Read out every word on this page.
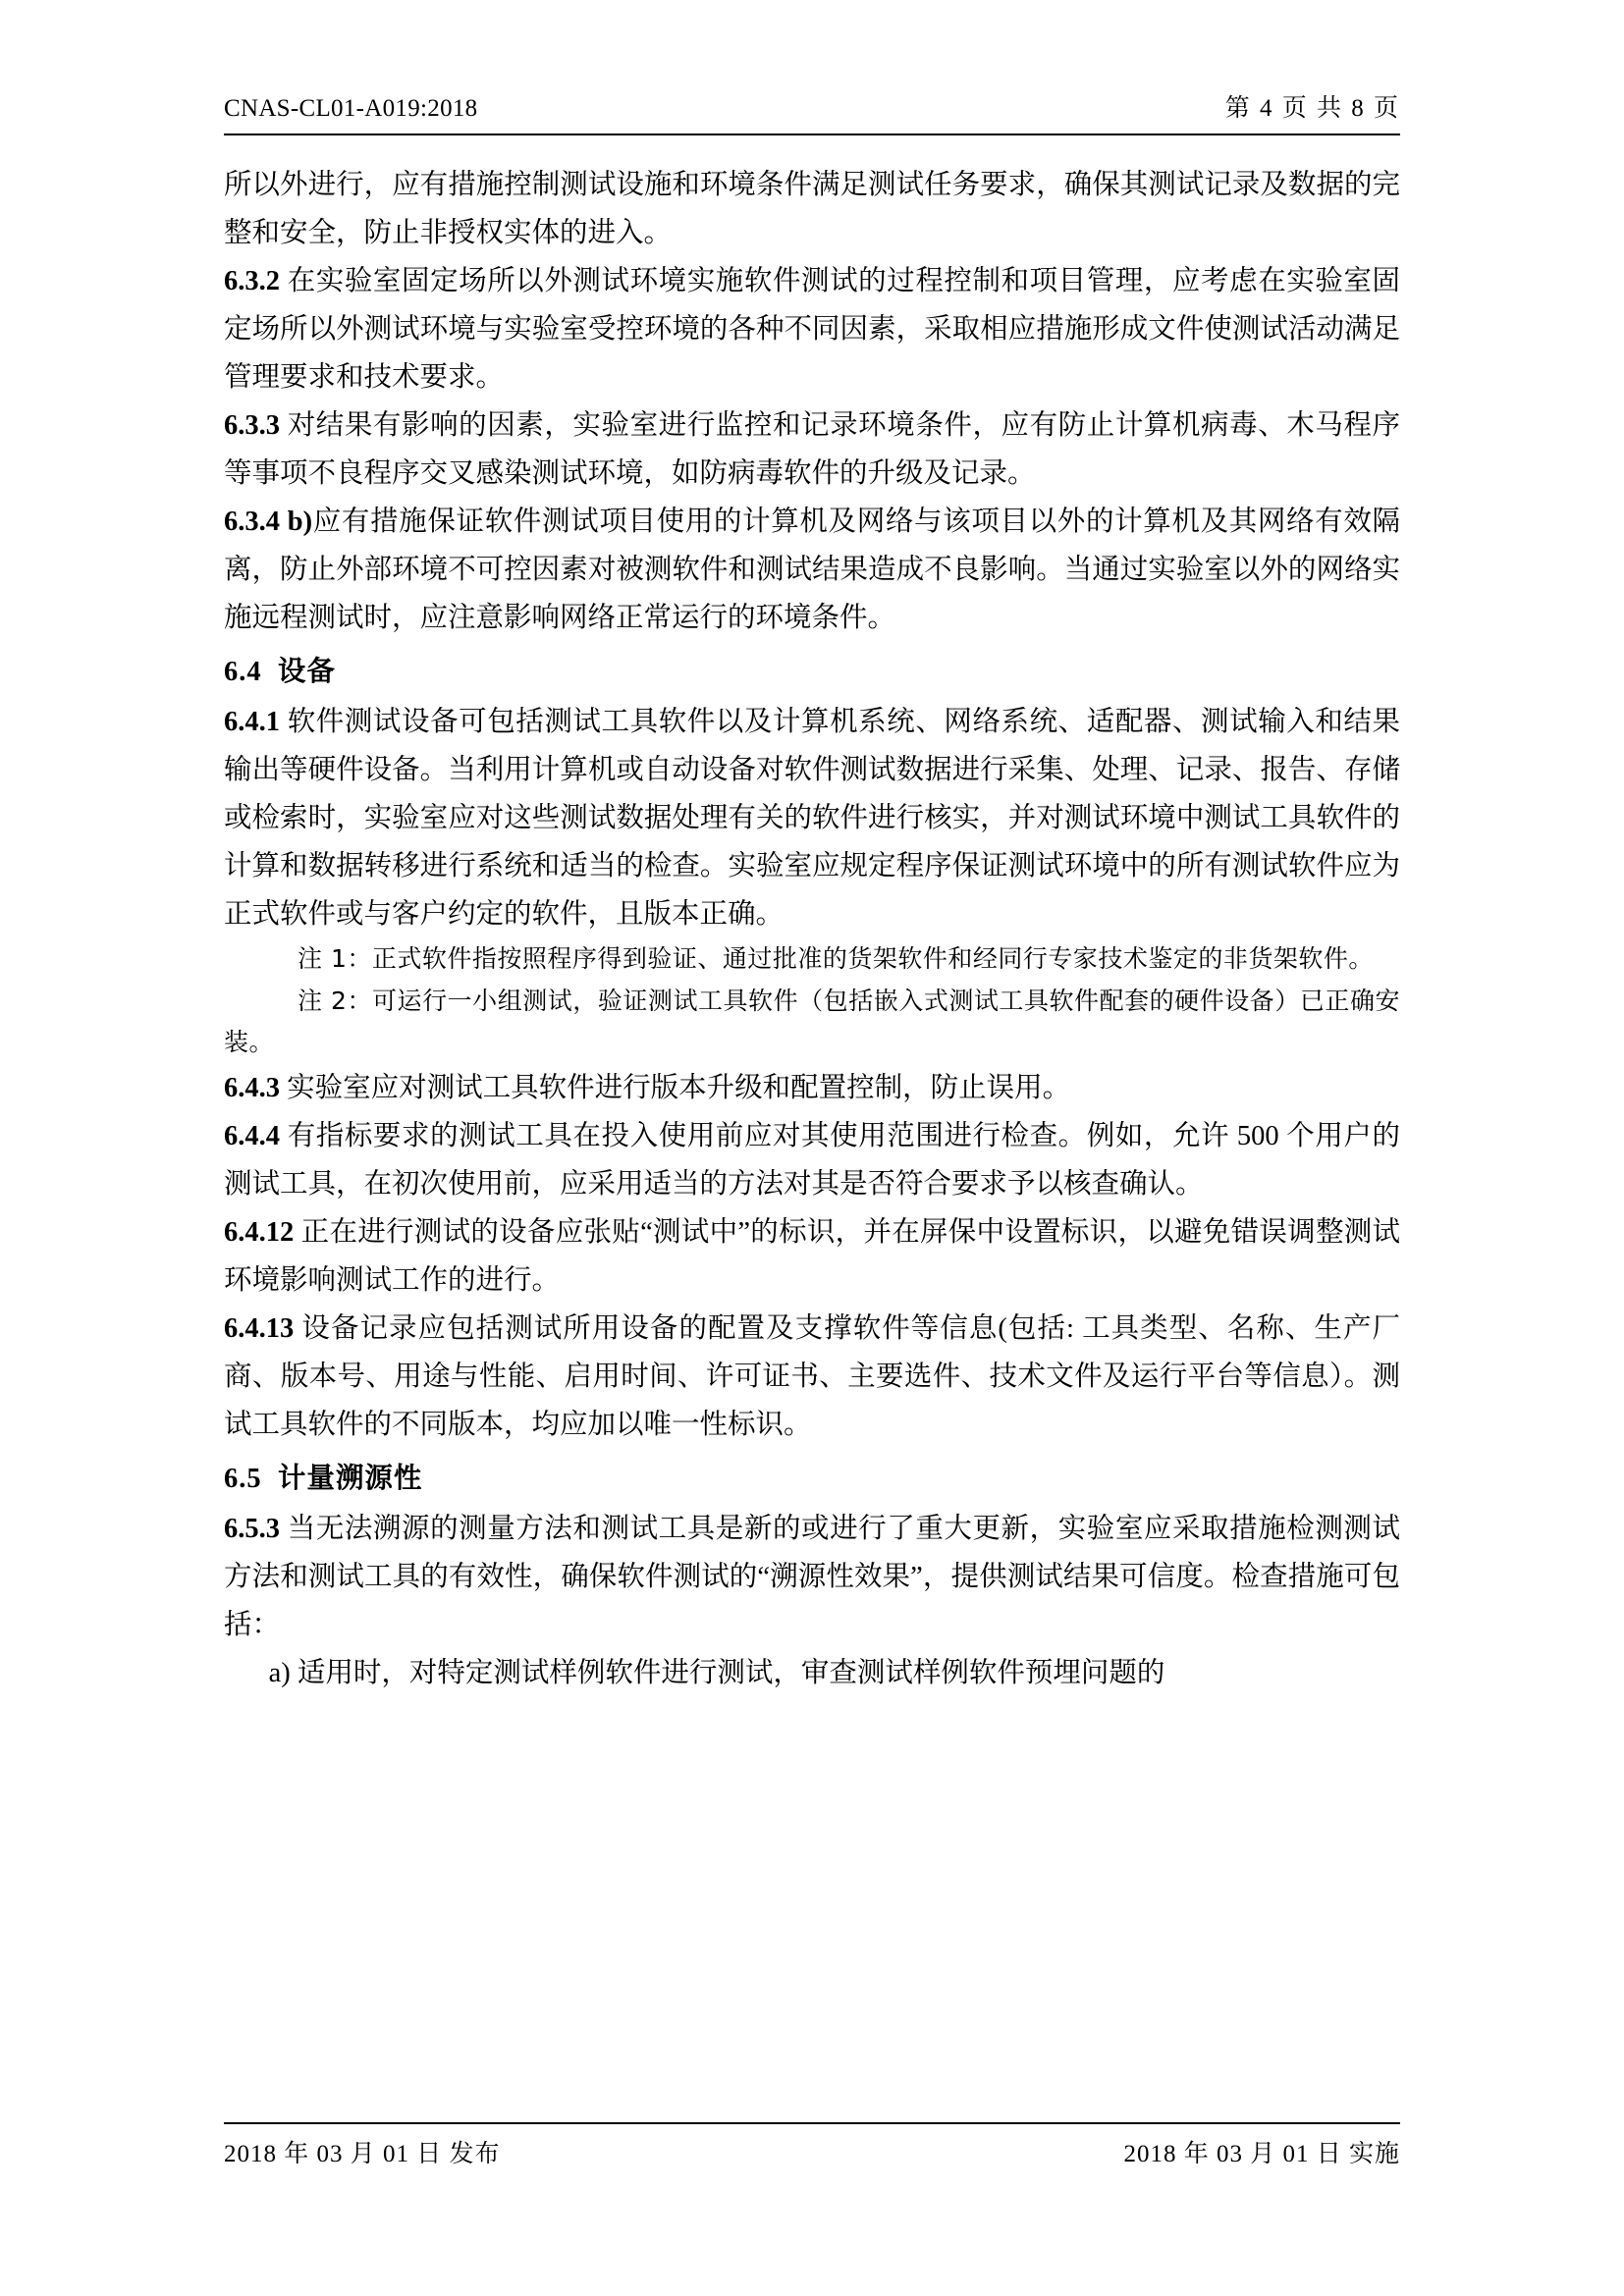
CNAS-CL01-A019:2018	第 4 页 共 8 页

所以外进行，应有措施控制测试设施和环境条件满足测试任务要求，确保其测试记录及数据的完整和安全，防止非授权实体的进入。

6.3.2 在实验室固定场所以外测试环境实施软件测试的过程控制和项目管理，应考虑在实验室固定场所以外测试环境与实验室受控环境的各种不同因素，采取相应措施形成文件使测试活动满足管理要求和技术要求。

6.3.3 对结果有影响的因素，实验室进行监控和记录环境条件，应有防止计算机病毒、木马程序等事项不良程序交叉感染测试环境，如防病毒软件的升级及记录。

6.3.4 b)应有措施保证软件测试项目使用的计算机及网络与该项目以外的计算机及其网络有效隔离，防止外部环境不可控因素对被测软件和测试结果造成不良影响。当通过实验室以外的网络实施远程测试时，应注意影响网络正常运行的环境条件。

6.4 设备

6.4.1 软件测试设备可包括测试工具软件以及计算机系统、网络系统、适配器、测试输入和结果输出等硬件设备。当利用计算机或自动设备对软件测试数据进行采集、处理、记录、报告、存储或检索时，实验室应对这些测试数据处理有关的软件进行核实，并对测试环境中测试工具软件的计算和数据转移进行系统和适当的检查。实验室应规定程序保证测试环境中的所有测试软件应为正式软件或与客户约定的软件，且版本正确。

注 1：正式软件指按照程序得到验证、通过批准的货架软件和经同行专家技术鉴定的非货架软件。

注 2：可运行一小组测试，验证测试工具软件（包括嵌入式测试工具软件配套的硬件设备）已正确安装。

6.4.3 实验室应对测试工具软件进行版本升级和配置控制，防止误用。

6.4.4 有指标要求的测试工具在投入使用前应对其使用范围进行检查。例如，允许 500 个用户的测试工具，在初次使用前，应采用适当的方法对其是否符合要求予以核查确认。

6.4.12 正在进行测试的设备应张贴“测试中”的标识，并在屏保中设置标识，以避免错误调整测试环境影响测试工作的进行。

6.4.13 设备记录应包括测试所用设备的配置及支撑软件等信息(包括: 工具类型、名称、生产厂商、版本号、用途与性能、启用时间、许可证书、主要选件、技术文件及运行平台等信息）。测试工具软件的不同版本，均应加以唯一性标识。

6.5 计量溯源性

6.5.3 当无法溯源的测量方法和测试工具是新的或进行了重大更新，实验室应采取措施检测测试方法和测试工具的有效性，确保软件测试的“溯源性效果”，提供测试结果可信度。检查措施可包括：

a) 适用时，对特定测试样例软件进行测试，审查测试样例软件预埋问题的

2018 年 03 月 01 日 发布	2018 年 03 月 01 日 实施
